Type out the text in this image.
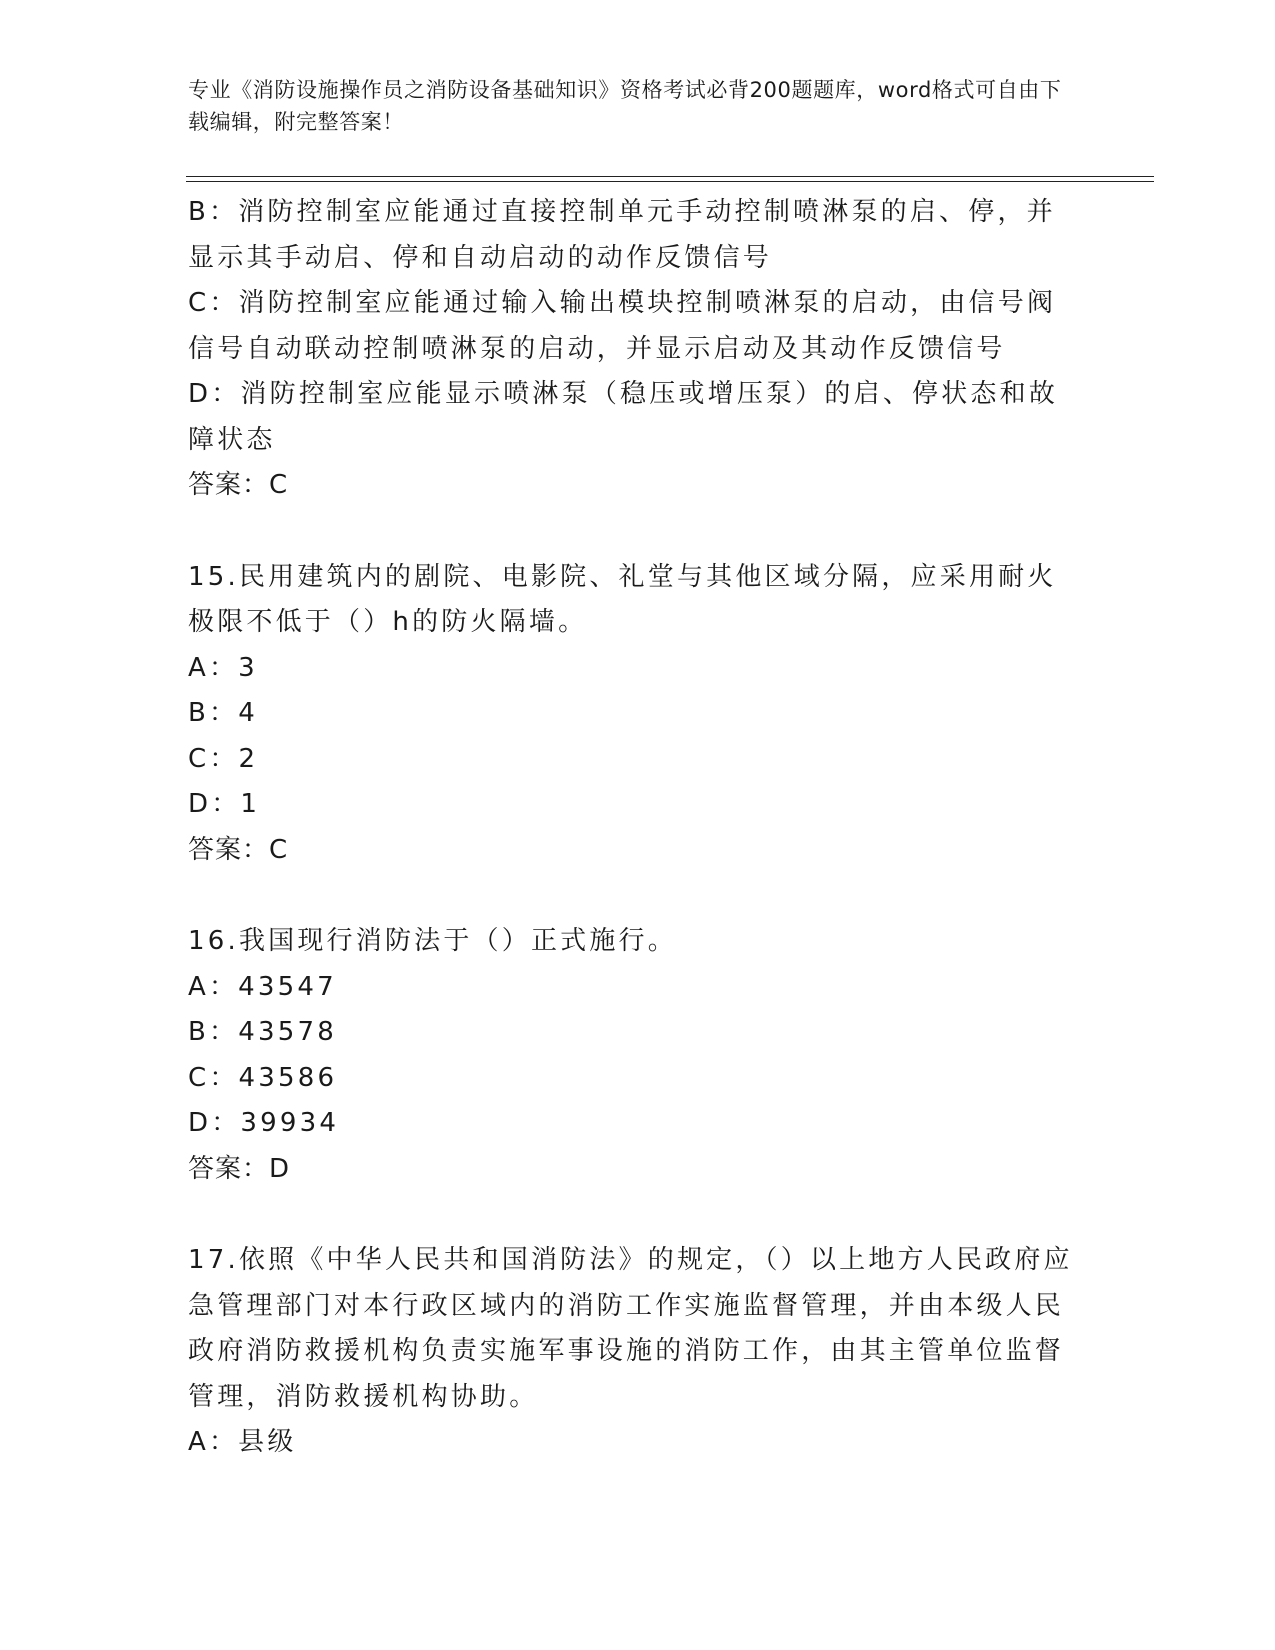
专业《消防设施操作员之消防设备基础知识》资格考试必背200题题库，word格式可自由下载编辑，附完整答案！

B：消防控制室应能通过直接控制单元手动控制喷淋泵的启、停，并显示其手动启、停和自动启动的动作反馈信号

C：消防控制室应能通过输入输出模块控制喷淋泵的启动，由信号阀信号自动联动控制喷淋泵的启动，并显示启动及其动作反馈信号

D：消防控制室应能显示喷淋泵（稳压或增压泵）的启、停状态和故障状态

答案：C

15.民用建筑内的剧院、电影院、礼堂与其他区域分隔，应采用耐火极限不低于（）h的防火隔墙。

A：3

B：4

C：2

D：1

答案：C

16.我国现行消防法于（）正式施行。

A：43547

B：43578

C：43586

D：39934

答案：D

17.依照《中华人民共和国消防法》的规定，（）以上地方人民政府应急管理部门对本行政区域内的消防工作实施监督管理，并由本级人民政府消防救援机构负责实施军事设施的消防工作，由其主管单位监督管理，消防救援机构协助。

A：县级
